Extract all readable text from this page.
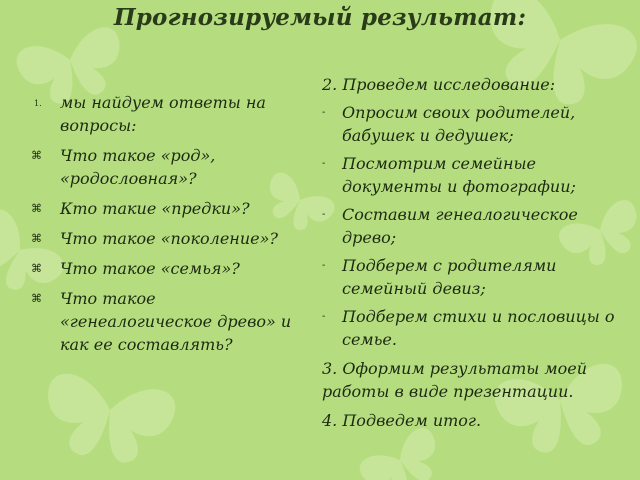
Прогнозируемый результат:
1. мы найдуем ответы на вопросы:
⌘ Что такое «род», «родословная»?
⌘ Кто такие «предки»?
⌘ Что такое «поколение»?
⌘ Что такое «семья»?
⌘ Что такое «генеалогическое древо» и как ее составлять?
2. Проведем исследование:
- Опросим своих родителей, бабушек и дедушек;
- Посмотрим семейные документы и фотографии;
- Составим генеалогическое древо;
- Подберем с родителями семейный девиз;
- Подберем стихи и пословицы о семье.
3. Оформим результаты моей работы в виде презентации.
4. Подведем итог.
